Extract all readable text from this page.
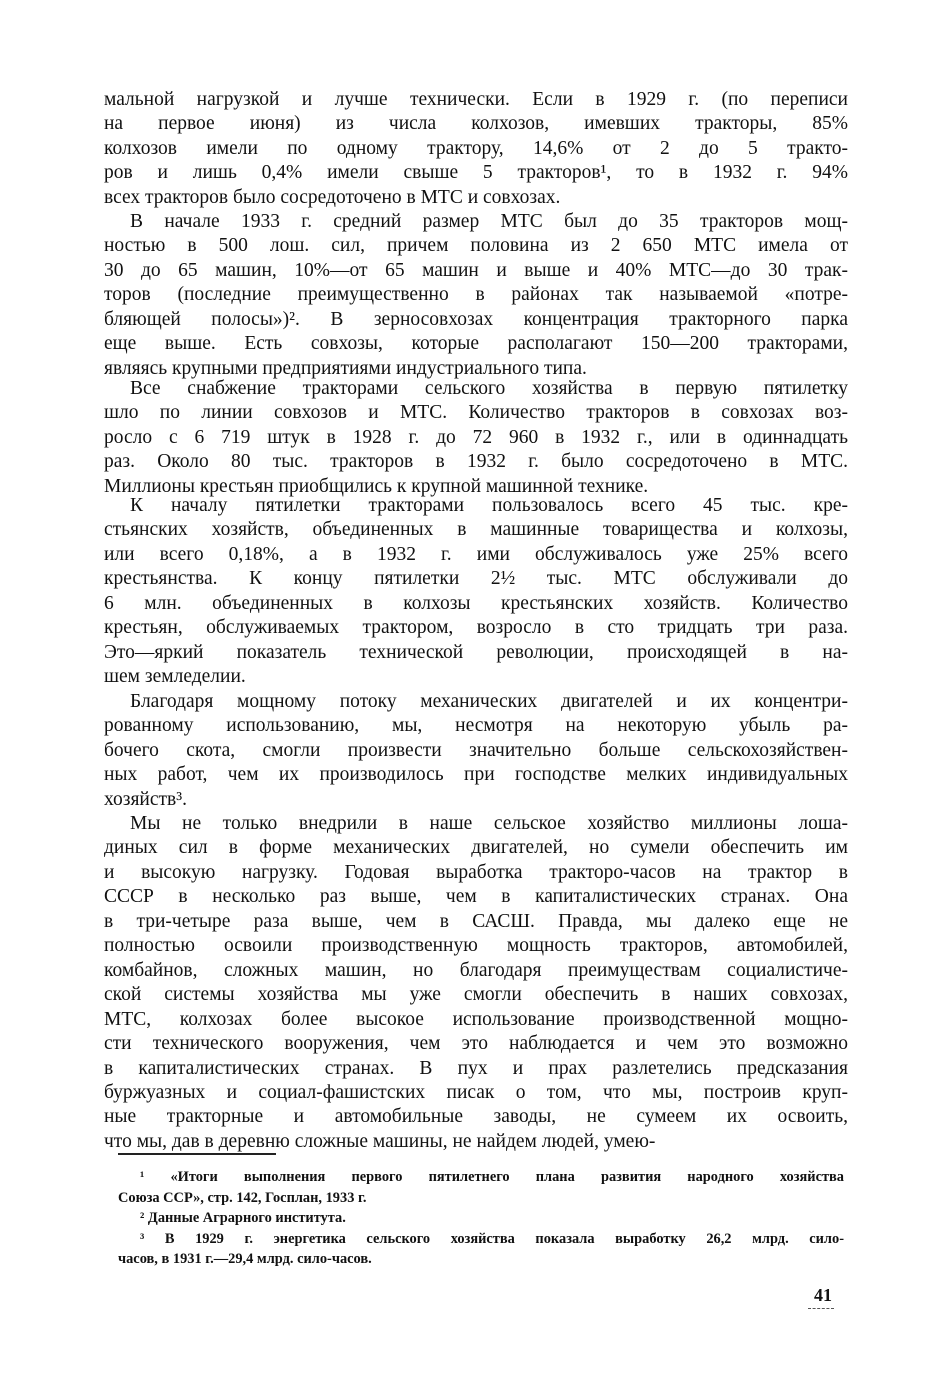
мальной нагрузкой и лучше технически. Если в 1929 г. (по переписи
на первое июня) из числа колхозов, имевших тракторы, 85%
колхозов имели по одному трактору, 14,6% от 2 до 5 тракто-
ров и лишь 0,4% имели свыше 5 тракторов¹, то в 1932 г. 94%
всех тракторов было сосредоточено в МТС и совхозах.
В начале 1933 г. средний размер МТС был до 35 тракторов мощ-
ностью в 500 лош. сил, причем половина из 2 650 МТС имела от
30 до 65 машин, 10%—от 65 машин и выше и 40% МТС—до 30 трак-
торов (последние преимущественно в районах так называемой «потре-
бляющей полосы»)². В зерносовхозах концентрация тракторного парка
еще выше. Есть совхозы, которые располагают 150—200 тракторами,
являясь крупными предприятиями индустриального типа.
Все снабжение тракторами сельского хозяйства в первую пятилетку
шло по линии совхозов и МТС. Количество тракторов в совхозах воз-
росло с 6 719 штук в 1928 г. до 72 960 в 1932 г., или в одиннадцать
раз. Около 80 тыс. тракторов в 1932 г. было сосредоточено в МТС.
Миллионы крестьян приобщились к крупной машинной технике.
К началу пятилетки тракторами пользовалось всего 45 тыс. кре-
стьянских хозяйств, объединенных в машинные товарищества и колхозы,
или всего 0,18%, а в 1932 г. ими обслуживалось уже 25% всего
крестьянства. К концу пятилетки 2½ тыс. МТС обслуживали до
6 млн. объединенных в колхозы крестьянских хозяйств. Количество
крестьян, обслуживаемых трактором, возросло в сто тридцать три раза.
Это—яркий показатель технической революции, происходящей в на-
шем земледелии.
Благодаря мощному потоку механических двигателей и их концентри-
рованному использованию, мы, несмотря на некоторую убыль ра-
бочего скота, смогли произвести значительно больше сельскохозяйствен-
ных работ, чем их производилось при господстве мелких индивидуальных
хозяйств³.
Мы не только внедрили в наше сельское хозяйство миллионы лоша-
диных сил в форме механических двигателей, но сумели обеспечить им
и высокую нагрузку. Годовая выработка тракторо-часов на трактор в
СССР в несколько раз выше, чем в капиталистических странах. Она
в три-четыре раза выше, чем в САСШ. Правда, мы далеко еще не
полностью освоили производственную мощность тракторов, автомобилей,
комбайнов, сложных машин, но благодаря преимуществам социалистиче-
ской системы хозяйства мы уже смогли обеспечить в наших совхозах,
МТС, колхозах более высокое использование производственной мощно-
сти технического вооружения, чем это наблюдается и чем это возможно
в капиталистических странах. В пух и прах разлетелись предсказания
буржуазных и социал-фашистских писак о том, что мы, построив круп-
ные тракторные и автомобильные заводы, не сумеем их освоить,
что мы, дав в деревню сложные машины, не найдем людей, умею-
¹ «Итоги выполнения первого пятилетнего плана развития народного хозяйства
Союза ССР», стр. 142, Госплан, 1933 г.
² Данные Аграрного института.
³ В 1929 г. энергетика сельского хозяйства показала выработку 26,2 млрд. сило-
часов, в 1931 г.—29,4 млрд. сило-часов.
41
